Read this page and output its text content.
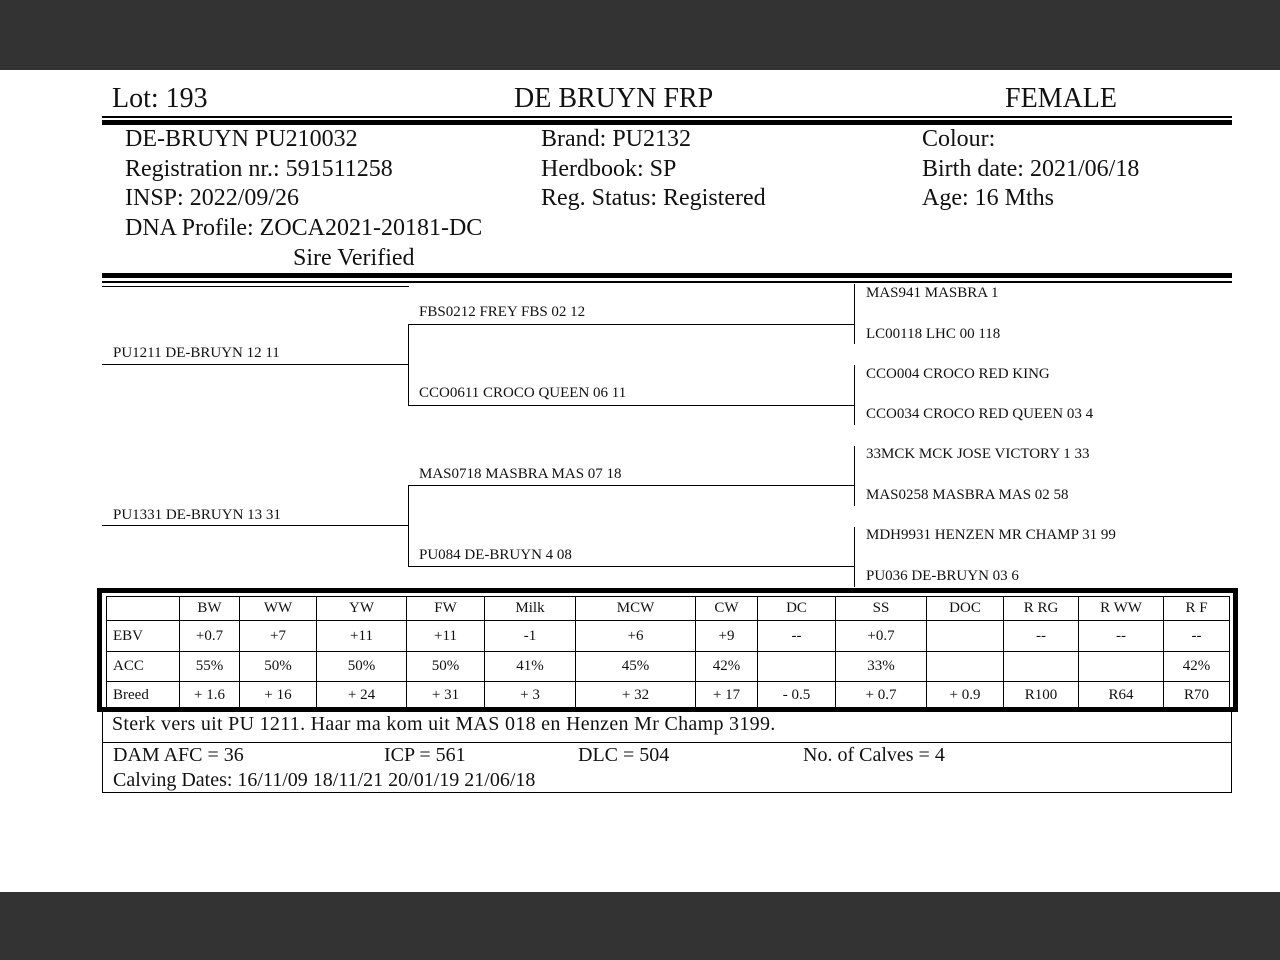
Lot: 193	DE BRUYN FRP	FEMALE
DE-BRUYN PU210032
Registration nr.: 591511258
INSP: 2022/09/26
DNA Profile: ZOCA2021-20181-DC
Sire Verified
Brand: PU2132
Herdbook: SP
Reg. Status: Registered
Colour:
Birth date: 2021/06/18
Age: 16 Mths
PU1211 DE-BRUYN 12 11
PU1331 DE-BRUYN 13 31
FBS0212 FREY FBS 02 12
CCO0611 CROCO QUEEN 06 11
MAS0718 MASBRA MAS 07 18
PU084 DE-BRUYN 4 08
MAS941 MASBRA 1
LC00118 LHC 00 118
CCO004 CROCO RED KING
CCO034 CROCO RED QUEEN 03 4
33MCK MCK JOSE VICTORY 1 33
MAS0258 MASBRA MAS 02 58
MDH9931 HENZEN MR CHAMP 31 99
PU036 DE-BRUYN 03 6
	BW	WW	YW	FW	Milk	MCW	CW	DC	SS	DOC	R RG	R WW	R F
EBV	+0.7	+7	+11	+11	-1	+6	+9	--	+0.7		--	--	--
ACC	55%	50%	50%	50%	41%	45%	42%		33%				42%
Breed	+ 1.6	+ 16	+ 24	+ 31	+ 3	+ 32	+ 17	- 0.5	+ 0.7	+ 0.9	R100	R64	R70
Sterk vers uit PU 1211. Haar ma kom uit MAS 018 en Henzen Mr Champ 3199.
DAM AFC = 36	ICP = 561	DLC = 504	No. of Calves = 4
Calving Dates: 16/11/09 18/11/21 20/01/19 21/06/18
